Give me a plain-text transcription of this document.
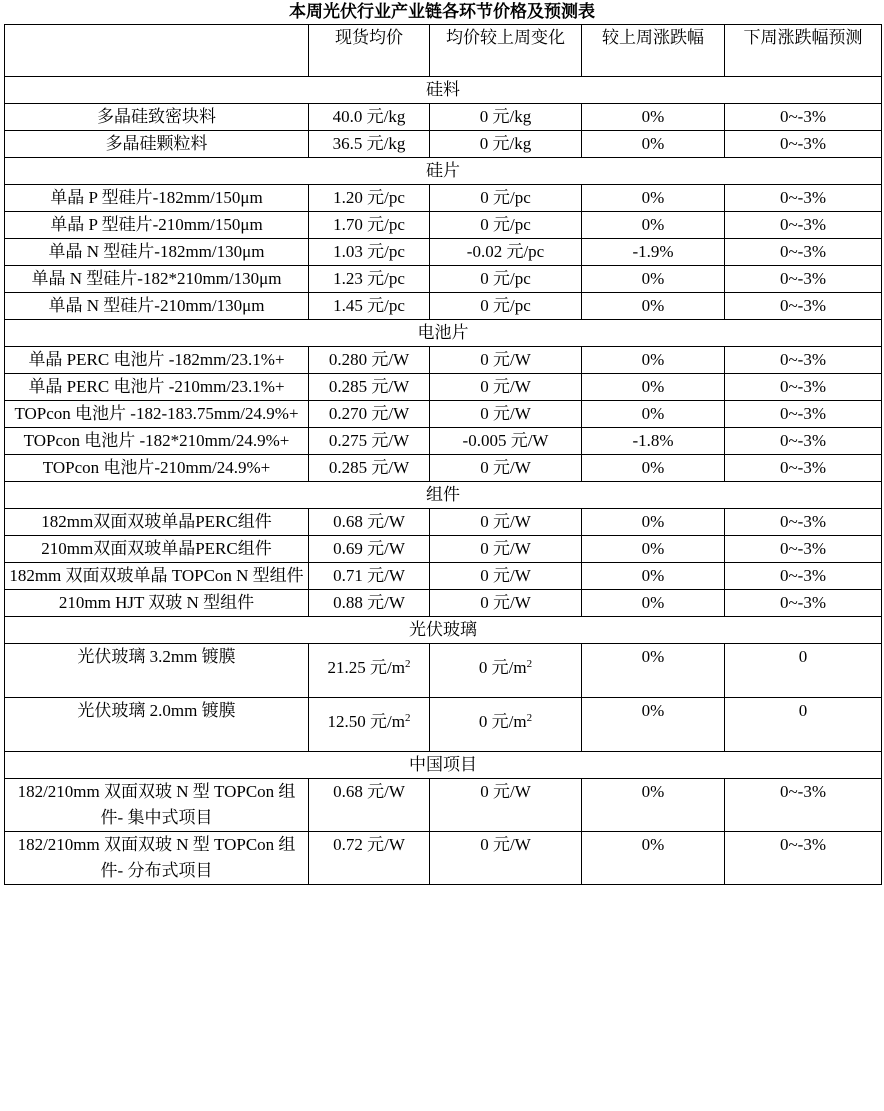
本周光伏行业产业链各环节价格及预测表
	现货均价	均价较上周变化	较上周涨跌幅	下周涨跌幅预测
硅料				
多晶硅致密块料	40.0 元/kg	0 元/kg	0%	0~-3%
多晶硅颗粒料	36.5 元/kg	0 元/kg	0%	0~-3%
硅片				
单晶 P 型硅片-182mm/150μm	1.20 元/pc	0 元/pc	0%	0~-3%
单晶 P 型硅片-210mm/150μm	1.70 元/pc	0 元/pc	0%	0~-3%
单晶 N 型硅片-182mm/130μm	1.03 元/pc	-0.02 元/pc	-1.9%	0~-3%
单晶 N 型硅片-182*210mm/130μm	1.23 元/pc	0 元/pc	0%	0~-3%
单晶 N 型硅片-210mm/130μm	1.45 元/pc	0 元/pc	0%	0~-3%
电池片				
单晶 PERC 电池片 -182mm/23.1%+	0.280 元/W	0 元/W	0%	0~-3%
单晶 PERC 电池片 -210mm/23.1%+	0.285 元/W	0 元/W	0%	0~-3%
TOPcon 电池片 -182-183.75mm/24.9%+	0.270 元/W	0 元/W	0%	0~-3%
TOPcon 电池片 -182*210mm/24.9%+	0.275 元/W	-0.005 元/W	-1.8%	0~-3%
TOPcon 电池片-210mm/24.9%+	0.285 元/W	0 元/W	0%	0~-3%
组件				
182mm双面双玻单晶PERC组件	0.68 元/W	0 元/W	0%	0~-3%
210mm双面双玻单晶PERC组件	0.69 元/W	0 元/W	0%	0~-3%
182mm 双面双玻单晶 TOPCon N 型组件	0.71 元/W	0 元/W	0%	0~-3%
210mm HJT 双玻 N 型组件	0.88 元/W	0 元/W	0%	0~-3%
光伏玻璃				
光伏玻璃 3.2mm 镀膜	21.25 元$/m^2$	0 元$/m^2$	0%	0
光伏玻璃 2.0mm 镀膜	12.50 元$/m^2$	0 元$/m^2$	0%	0
中国项目				
182/210mm 双面双玻 N 型 TOPCon 组件- 集中式项目	0.68 元/W	0 元/W	0%	0~-3%
182/210mm 双面双玻 N 型 TOPCon 组件- 分布式项目	0.72 元/W	0 元/W	0%	0~-3%
